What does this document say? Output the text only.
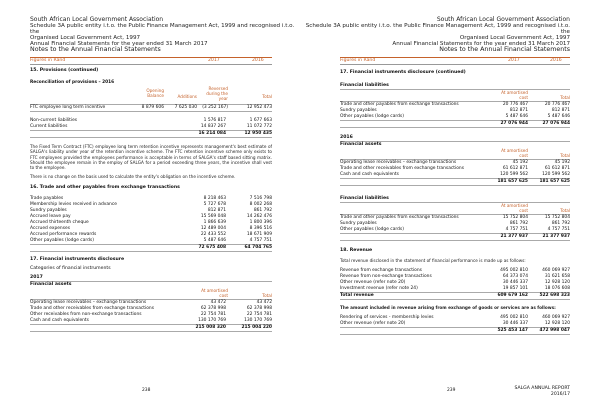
South African Local Government Association
Schedule 3A public entity i.t.o. the Public Finance Management Act, 1999 and recognised i.t.o. the
Organised Local Government Act, 1997
Annual Financial Statements for the year ended 31 March 2017
Notes to the Annual Financial Statements
Figures in Rand	2017	2016
15. Provisions (continued)
Reconciliation of provisions – 2016
Opening Balance	Additions
Reversed during the year	Total
FTC employee long term incentive	8 879 606	7 625 030	(3 252 167)	12 952 473
Non-current liabilities	1 576 817	1 677 663
Current liabilities	14 837 267	11 072 772
16 214 084	12 950 435
The Fixed Term Contract (FTC) employee long term retention incentive represents management's best estimate of SALGA's liability under year of the retention incentive scheme. The FTC retention incentive scheme only exists to FTC employees provided the employees performance is acceptable in terms of SALGA's staff based sitting matrix. Should the employee remain in the employ of SALGA for a period exceeding three years, the incentive shall vest to the employee.
There is no change on the basis used to calculate the entity's obligation on the incentive scheme.
16. Trade and other payables from exchange transactions
Trade payables	8 218 463	7 516 798
Membership levies received in advance	5 727 678	8 002 268
Sundry payables	812 871	861 792
Accrued leave pay	15 569 048	14 262 476
Accrued thirteenth cheque	1 866 639	1 800 396
Accrued expenses	12 489 004	8 396 516
Accrued performance rewards	22 433 552	18 671 909
Other payables (lodge cards)	5 487 646	4 757 751
72 675 408	64 704 765
17. Financial instruments disclosure
Categories of financial instruments
2017
Financial assets
At amortised cost	Total
Operating lease receivables – exchange transactions	43 472	43 472
Trade and other receivables from exchange transactions	62 378 998	62 378 998
Other receivables from non-exchange transactions	22 754 781	22 754 781
Cash and cash equivalents	130 170 769	130 170 769
215 008 320	215 004 220
238
South African Local Government Association
Schedule 3A public entity i.t.o. the Public Finance Management Act, 1999 and recognised i.t.o. the
Organised Local Government Act, 1997
Annual Financial Statements for the year ended 31 March 2017
Notes to the Annual Financial Statements
Figures in Rand	2017	2016
17. Financial instruments disclosure (continued)
Financial liabilities
At amortised cost	Total
Trade and other payables from exchange transactions	20 776 467	20 776 467
Sundry payables	812 871	812 871
Other payables (lodge cards)	5 487 646	5 487 646
27 076 944	27 076 944
2016
Financial assets
At amortised cost	Total
Operating lease receivables – exchange transactions	45 192	45 192
Trade and other receivables from exchange transactions	61 612 871	61 612 871
Cash and cash equivalents	120 599 562	120 599 562
181 657 625	181 657 625
Financial liabilities
At amortised cost	Total
Trade and other payables from exchange transactions	15 752 804	15 752 804
Sundry payables	861 792	861 792
Other payables (lodge cards)	4 757 751	4 757 751
21 377 937	21 377 937
18. Revenue
Total revenue disclosed in the statement of financial performance is made up as follows:
Revenue from exchange transactions	495 002 810	460 069 927
Revenue from non-exchange transactions	64 373 074	31 621 658
Other revenue (refer note 20)	30 446 337	12 928 120
Investment revenue (refer note 24)	19 857 101	18 076 608
Total revenue	609 679 162	522 698 323
The amount included in revenue arising from exchange of goods or services are as follows:
Rendering of services - membership levies	495 002 810	460 069 927
Other revenue (refer note 20)	30 446 337	12 928 120
525 453 147	472 998 047
239	SALGA ANNUAL REPORT
2016/17
